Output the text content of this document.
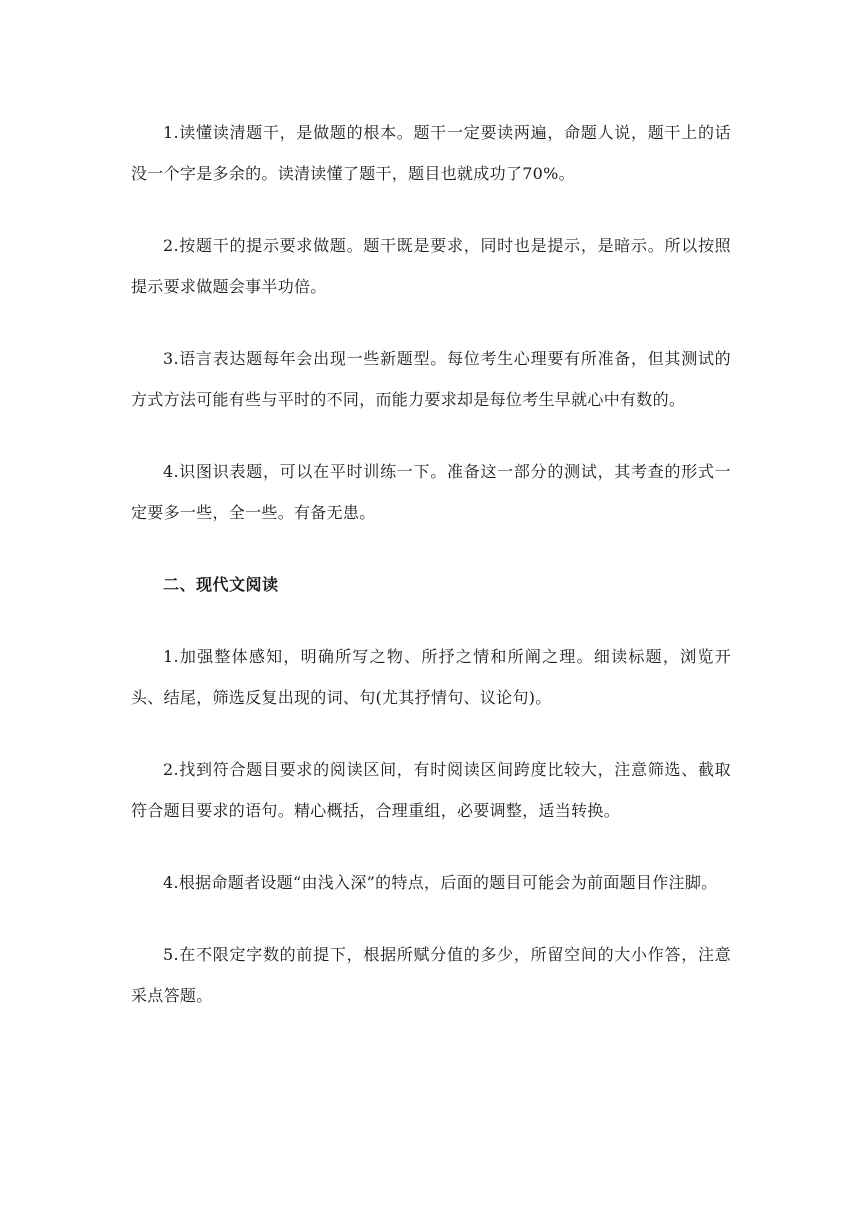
1.读懂读清题干，是做题的根本。题干一定要读两遍，命题人说，题干上的话没一个字是多余的。读清读懂了题干，题目也就成功了70%。

2.按题干的提示要求做题。题干既是要求，同时也是提示，是暗示。所以按照提示要求做题会事半功倍。

3.语言表达题每年会出现一些新题型。每位考生心理要有所准备，但其测试的方式方法可能有些与平时的不同，而能力要求却是每位考生早就心中有数的。

4.识图识表题，可以在平时训练一下。准备这一部分的测试，其考查的形式一定要多一些，全一些。有备无患。

二、现代文阅读

1.加强整体感知，明确所写之物、所抒之情和所阐之理。细读标题，浏览开头、结尾，筛选反复出现的词、句(尤其抒情句、议论句)。

2.找到符合题目要求的阅读区间，有时阅读区间跨度比较大，注意筛选、截取符合题目要求的语句。精心概括，合理重组，必要调整，适当转换。

4.根据命题者设题“由浅入深”的特点，后面的题目可能会为前面题目作注脚。

5.在不限定字数的前提下，根据所赋分值的多少，所留空间的大小作答，注意采点答题。
